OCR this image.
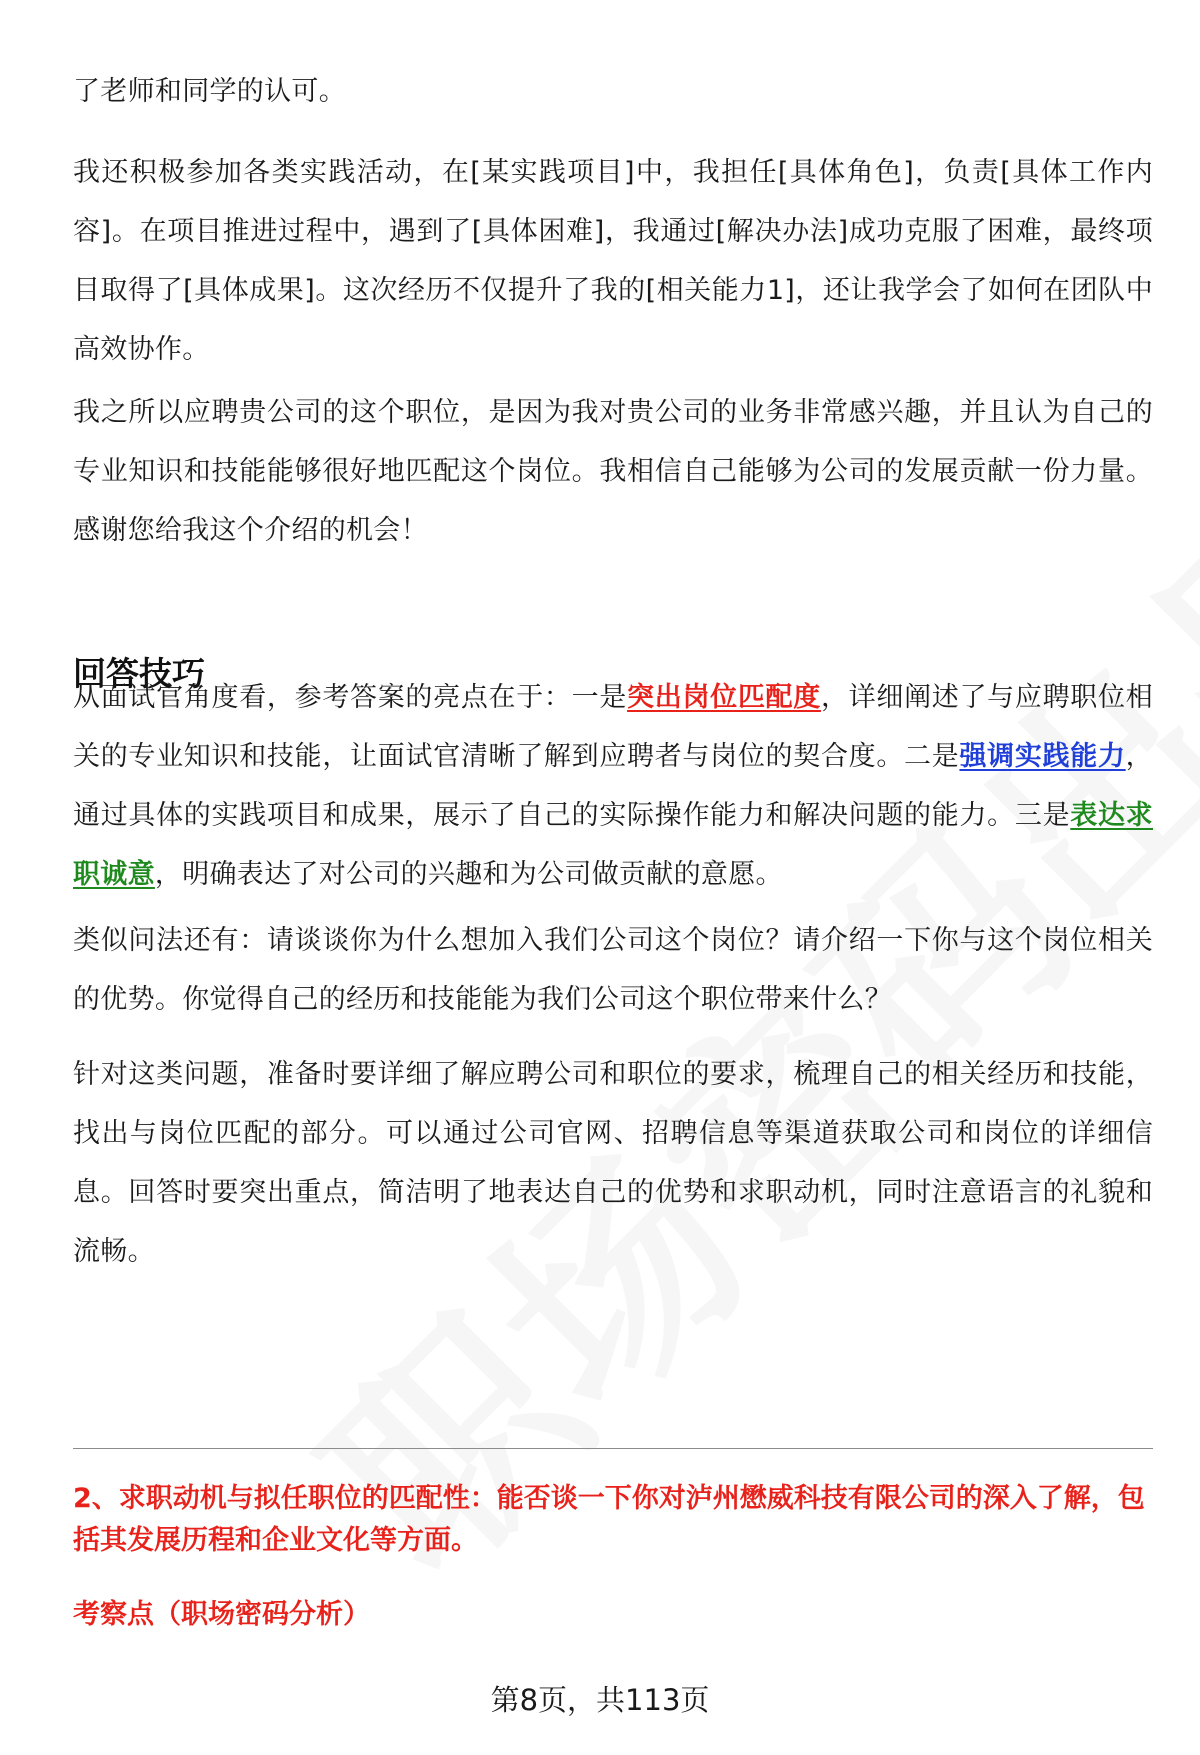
了老师和同学的认可。

我还积极参加各类实践活动，在[某实践项目]中，我担任[具体角色]，负责[具体工作内容]。在项目推进过程中，遇到了[具体困难]，我通过[解决办法]成功克服了困难，最终项目取得了[具体成果]。这次经历不仅提升了我的[相关能力1]，还让我学会了如何在团队中高效协作。

我之所以应聘贵公司的这个职位，是因为我对贵公司的业务非常感兴趣，并且认为自己的专业知识和技能能够很好地匹配这个岗位。我相信自己能够为公司的发展贡献一份力量。感谢您给我这个介绍的机会！

回答技巧

从面试官角度看，参考答案的亮点在于：一是突出岗位匹配度，详细阐述了与应聘职位相关的专业知识和技能，让面试官清晰了解到应聘者与岗位的契合度。二是强调实践能力，通过具体的实践项目和成果，展示了自己的实际操作能力和解决问题的能力。三是表达求职诚意，明确表达了对公司的兴趣和为公司做贡献的意愿。

类似问法还有：请谈谈你为什么想加入我们公司这个岗位？请介绍一下你与这个岗位相关的优势。你觉得自己的经历和技能能为我们公司这个职位带来什么？

针对这类问题，准备时要详细了解应聘公司和职位的要求，梳理自己的相关经历和技能，找出与岗位匹配的部分。可以通过公司官网、招聘信息等渠道获取公司和岗位的详细信息。回答时要突出重点，简洁明了地表达自己的优势和求职动机，同时注意语言的礼貌和流畅。

2、求职动机与拟任职位的匹配性：能否谈一下你对泸州懋威科技有限公司的深入了解，包括其发展历程和企业文化等方面。

考察点（职场密码分析）

第8页，共113页
